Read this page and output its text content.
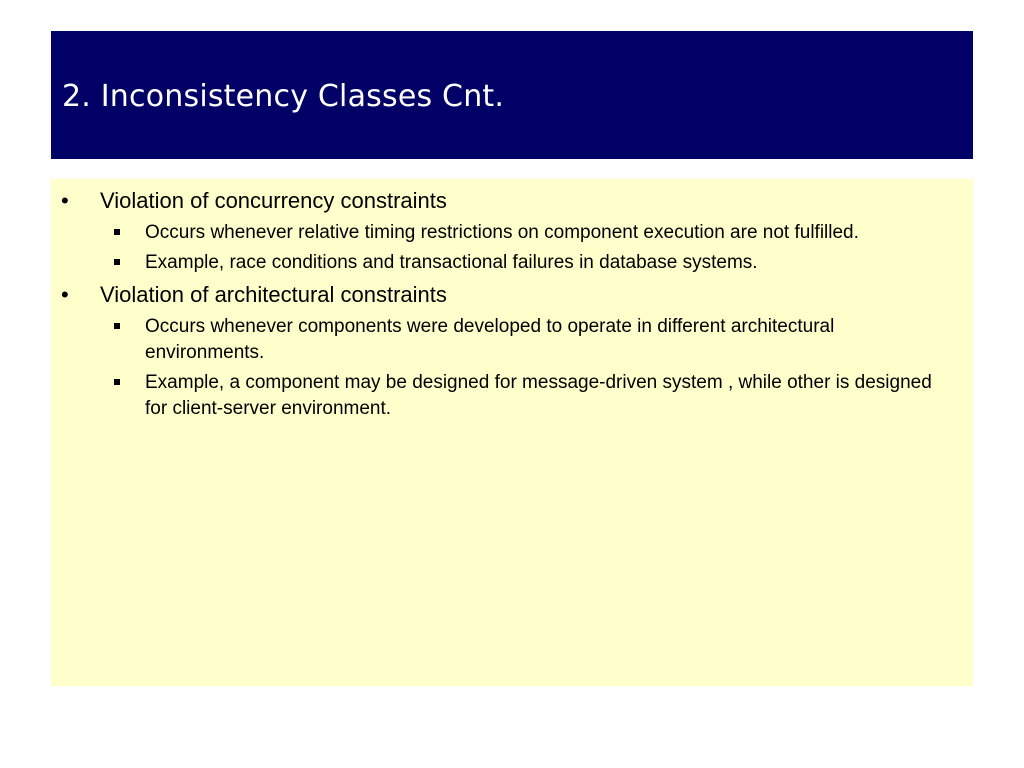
2. Inconsistency Classes Cnt.
• Violation of concurrency constraints
Occurs whenever relative timing restrictions on component execution are not fulfilled.
Example, race conditions and transactional failures in database systems.
• Violation of architectural constraints
Occurs whenever components were developed to operate in different architectural environments.
Example, a component may be designed for message-driven system , while other is designed for client-server environment.
